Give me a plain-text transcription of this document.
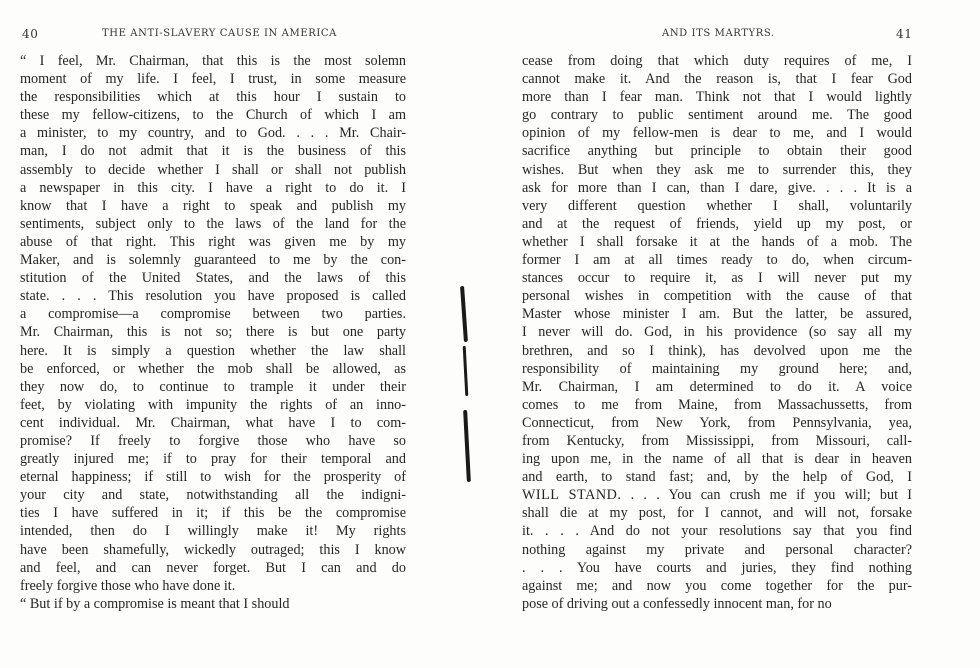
40	THE ANTI-SLAVERY CAUSE IN AMERICA
“ I feel, Mr. Chairman, that this is the most solemn
moment of my life. I feel, I trust, in some measure
the responsibilities which at this hour I sustain to
these my fellow-citizens, to the Church of which I am
a minister, to my country, and to God. . . . Mr. Chair-
man, I do not admit that it is the business of this
assembly to decide whether I shall or shall not publish
a newspaper in this city. I have a right to do it. I
know that I have a right to speak and publish my
sentiments, subject only to the laws of the land for the
abuse of that right. This right was given me by my
Maker, and is solemnly guaranteed to me by the con-
stitution of the United States, and the laws of this
state. . . . This resolution you have proposed is called
a compromise—a compromise between two parties.
Mr. Chairman, this is not so; there is but one party
here. It is simply a question whether the law shall
be enforced, or whether the mob shall be allowed, as
they now do, to continue to trample it under their
feet, by violating with impunity the rights of an inno-
cent individual. Mr. Chairman, what have I to com-
promise? If freely to forgive those who have so
greatly injured me; if to pray for their temporal and
eternal happiness; if still to wish for the prosperity of
your city and state, notwithstanding all the indigni-
ties I have suffered in it; if this be the compromise
intended, then do I willingly make it! My rights
have been shamefully, wickedly outraged; this I know
and feel, and can never forget. But I can and do
freely forgive those who have done it.
“ But if by a compromise is meant that I should
AND ITS MARTYRS.	41
cease from doing that which duty requires of me, I
cannot make it. And the reason is, that I fear God
more than I fear man. Think not that I would lightly
go contrary to public sentiment around me. The good
opinion of my fellow-men is dear to me, and I would
sacrifice anything but principle to obtain their good
wishes. But when they ask me to surrender this, they
ask for more than I can, than I dare, give. . . . It is a
very different question whether I shall, voluntarily
and at the request of friends, yield up my post, or
whether I shall forsake it at the hands of a mob. The
former I am at all times ready to do, when circum-
stances occur to require it, as I will never put my
personal wishes in competition with the cause of that
Master whose minister I am. But the latter, be assured,
I never will do. God, in his providence (so say all my
brethren, and so I think), has devolved upon me the
responsibility of maintaining my ground here; and,
Mr. Chairman, I am determined to do it. A voice
comes to me from Maine, from Massachussetts, from
Connecticut, from New York, from Pennsylvania, yea,
from Kentucky, from Mississippi, from Missouri, call-
ing upon me, in the name of all that is dear in heaven
and earth, to stand fast; and, by the help of God, I
WILL STAND. . . . You can crush me if you will; but I
shall die at my post, for I cannot, and will not, forsake
it. . . . And do not your resolutions say that you find
nothing against my private and personal character?
. . . You have courts and juries, they find nothing
against me; and now you come together for the pur-
pose of driving out a confessedly innocent man, for no
